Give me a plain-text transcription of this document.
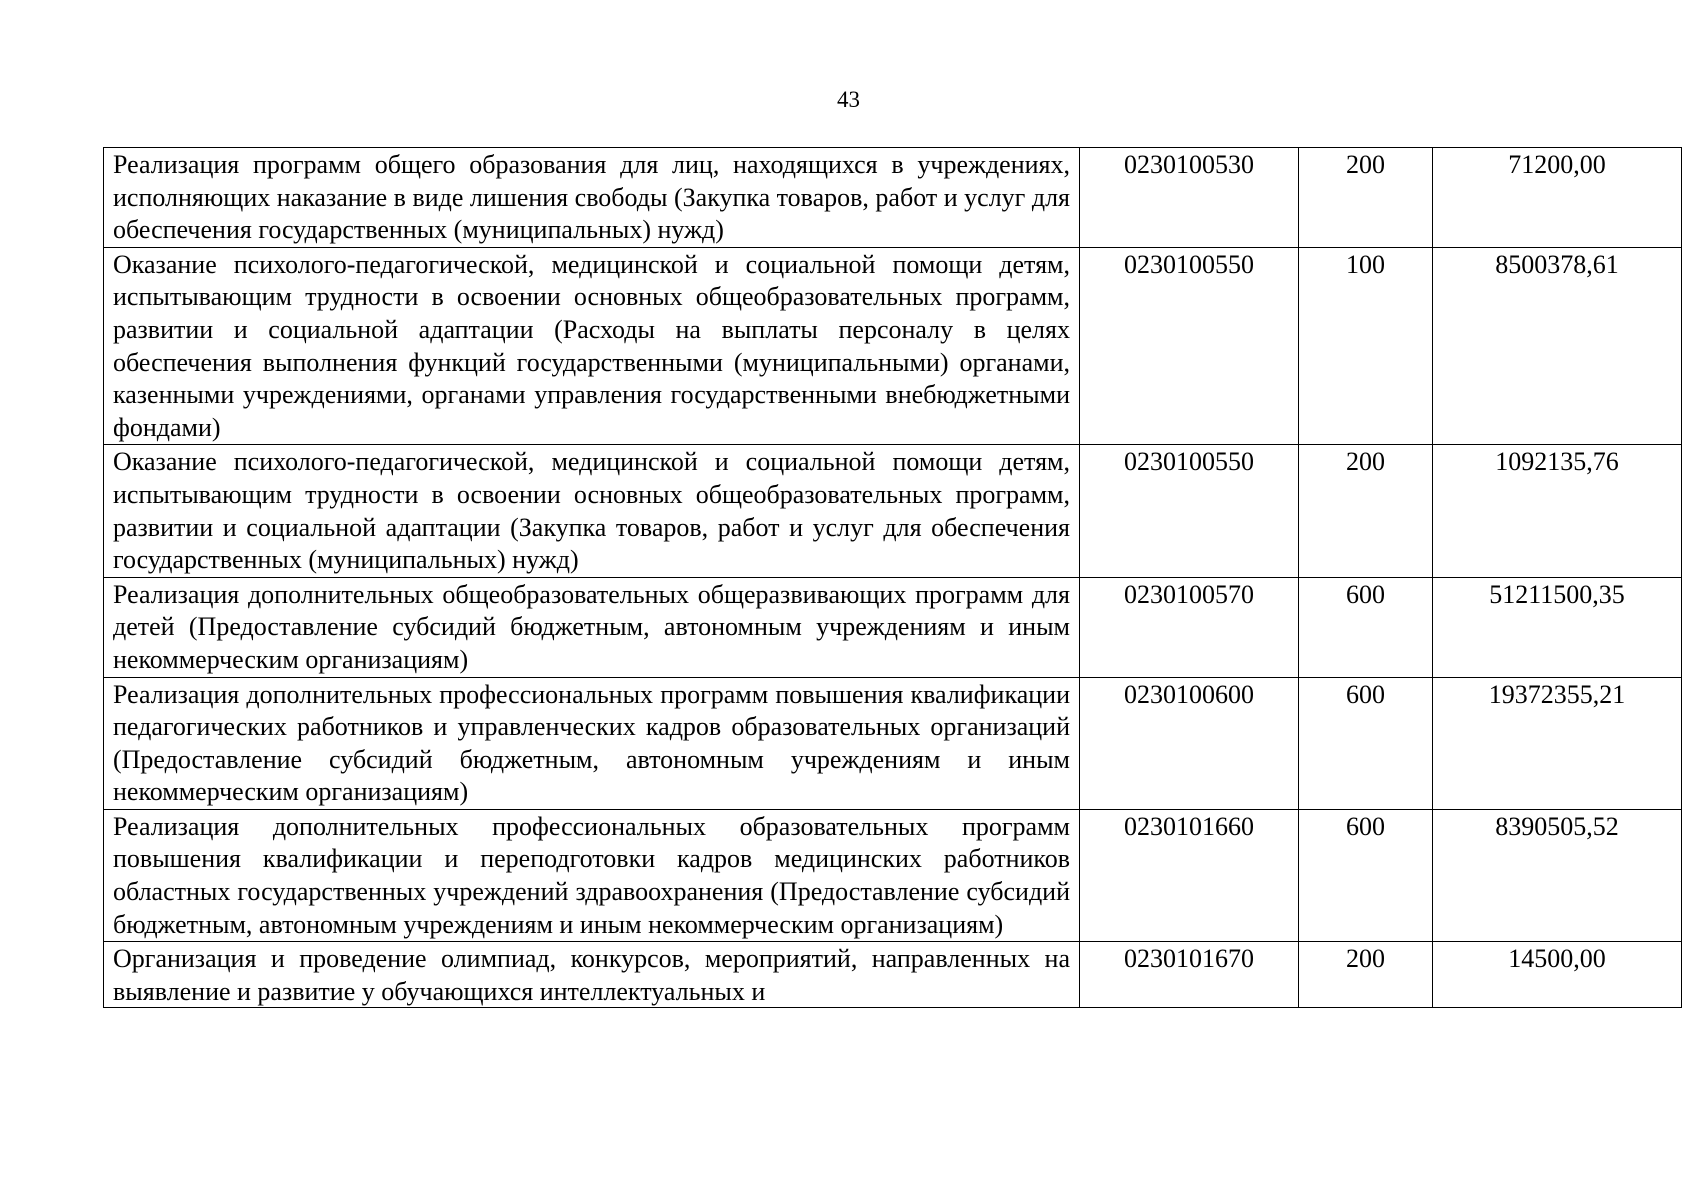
43
Реализация программ общего образования для лиц, находящихся в учреждениях, исполняющих наказание в виде лишения свободы (Закупка товаров, работ и услуг для обеспечения государственных (муниципальных) нужд)	0230100530	200	71200,00
Оказание психолого-педагогической, медицинской и социальной помощи детям, испытывающим трудности в освоении основных общеобразовательных программ, развитии и социальной адаптации (Расходы на выплаты персоналу в целях обеспечения выполнения функций государственными (муниципальными) органами, казенными учреждениями, органами управления государственными внебюджетными фондами)	0230100550	100	8500378,61
Оказание психолого-педагогической, медицинской и социальной помощи детям, испытывающим трудности в освоении основных общеобразовательных программ, развитии и социальной адаптации (Закупка товаров, работ и услуг для обеспечения государственных (муниципальных) нужд)	0230100550	200	1092135,76
Реализация дополнительных общеобразовательных общеразвивающих программ для детей (Предоставление субсидий бюджетным, автономным учреждениям и иным некоммерческим организациям)	0230100570	600	51211500,35
Реализация дополнительных профессиональных программ повышения квалификации педагогических работников и управленческих кадров образовательных организаций (Предоставление субсидий бюджетным, автономным учреждениям и иным некоммерческим организациям)	0230100600	600	19372355,21
Реализация дополнительных профессиональных образовательных программ повышения квалификации и переподготовки кадров медицинских работников областных государственных учреждений здравоохранения (Предоставление субсидий бюджетным, автономным учреждениям и иным некоммерческим организациям)	0230101660	600	8390505,52

Организация и проведение олимпиад, конкурсов, мероприятий, направленных на выявление и развитие у обучающихся интеллектуальных и	0230101670	200	14500,00
